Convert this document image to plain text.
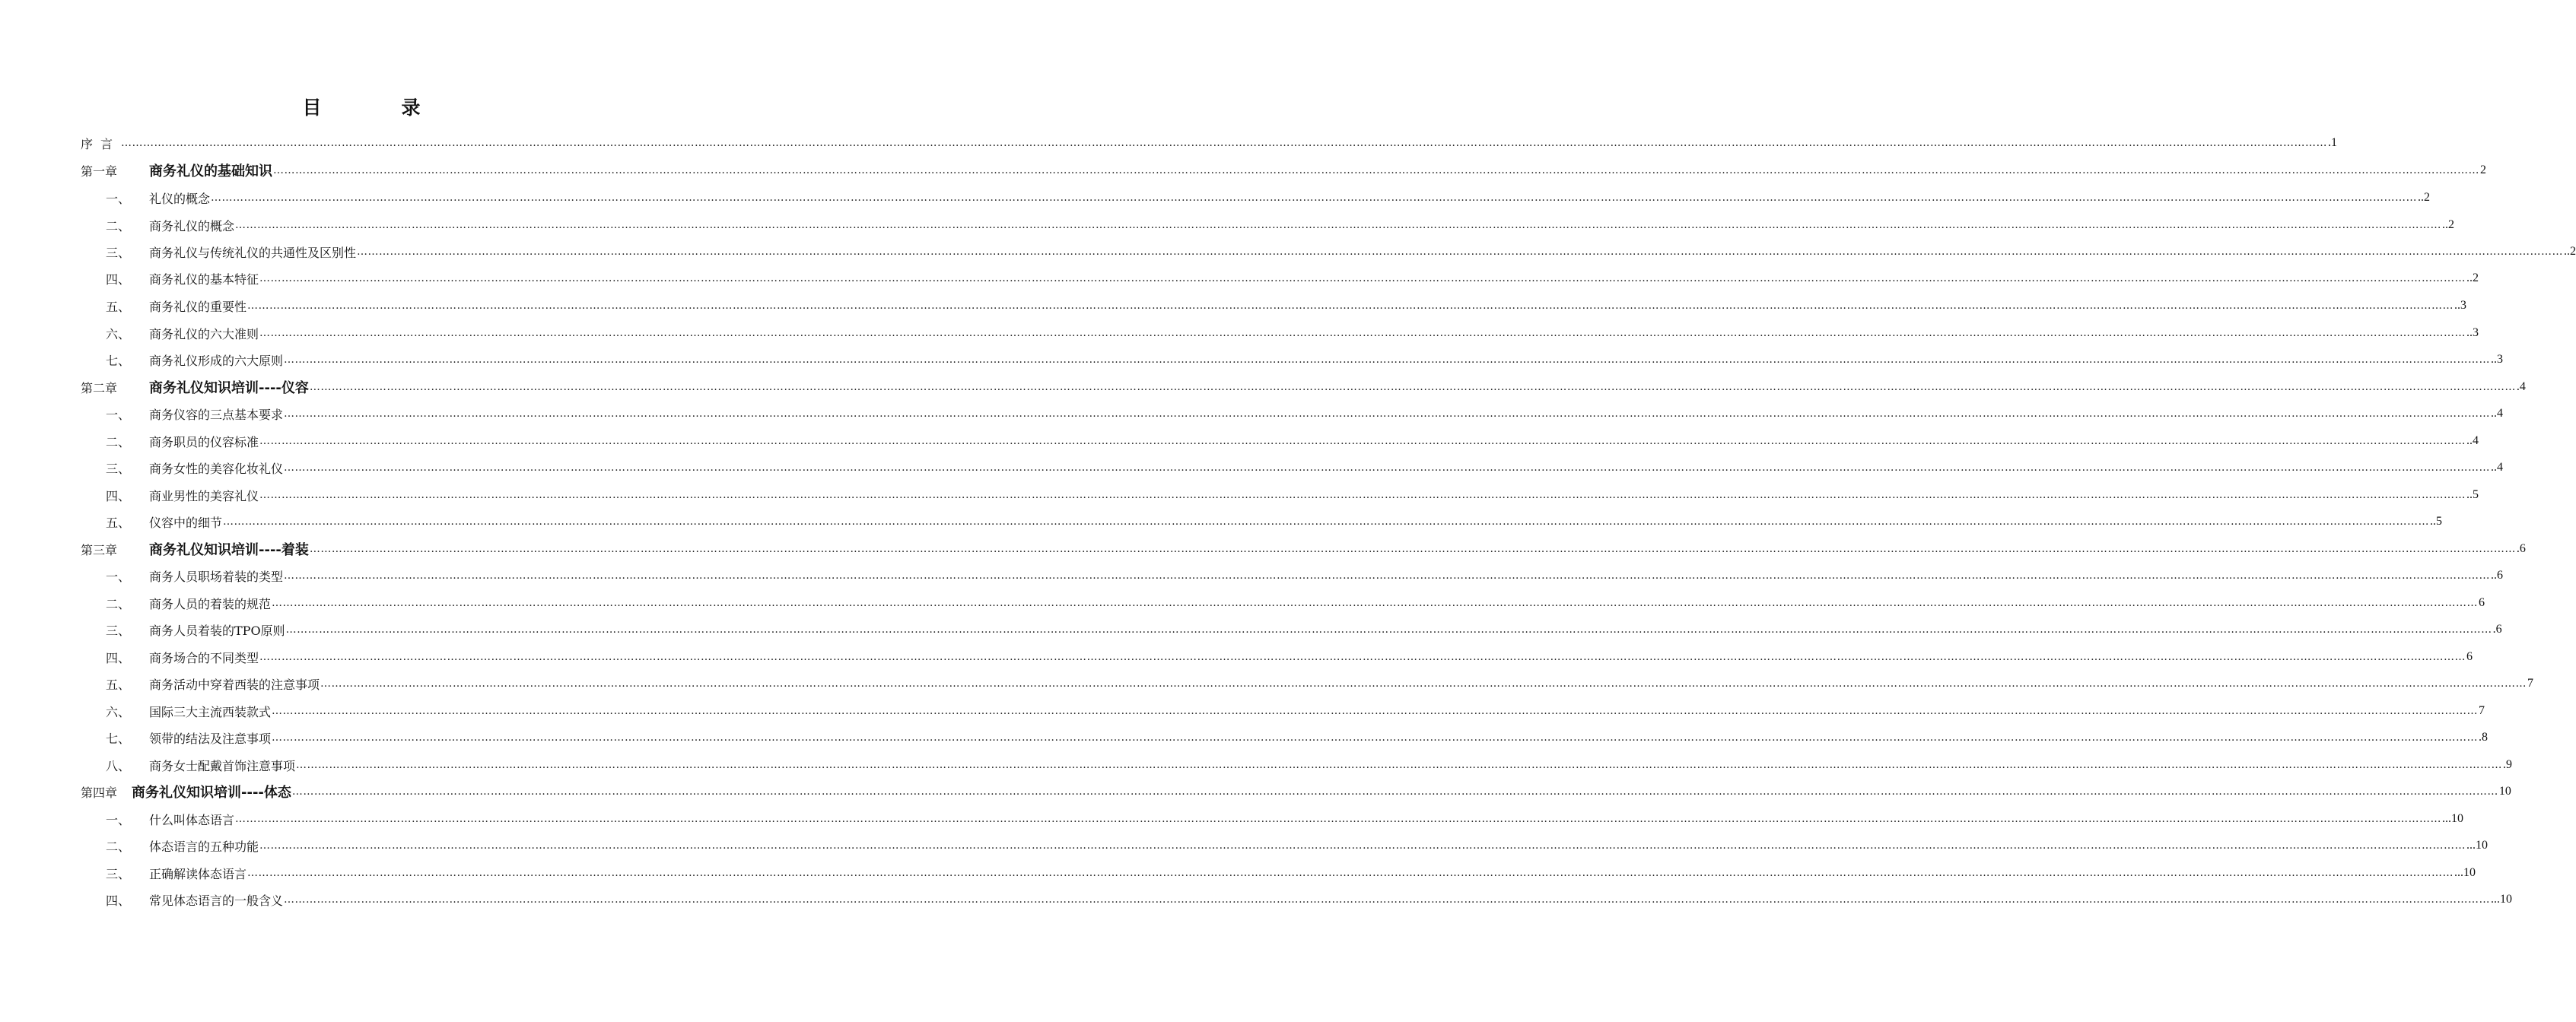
目　录
序言 …………………………………………………………………………………………………………………………………………………………………………………………………………………………………………………………………………………………………………………………………………………………………………………………………………………………………………………………………………………………………………………………………………………… .1
第一章	商务礼仪的基础知识 …………………………………………………………………………………………………………………………………………………………………………………………………………………………………………………………………………………………………………………………………………………………………………………………………………………………………………………………………………………………………………………………………………………… 2
一、	礼仪的概念 …………………………………………………………………………………………………………………………………………………………………………………………………………………………………………………………………………………………………………………………………………………………………………………………………………………………………………………………………………………………………………………………………………………… ..2
二、	商务礼仪的概念 …………………………………………………………………………………………………………………………………………………………………………………………………………………………………………………………………………………………………………………………………………………………………………………………………………………………………………………………………………………………………………………………………………………… ..2
三、	商务礼仪与传统礼仪的共通性及区别性 …………………………………………………………………………………………………………………………………………………………………………………………………………………………………………………………………………………………………………………………………………………………………………………………………………………………………………………………………………………………………………………………………………………… ..2
四、	商务礼仪的基本特征 …………………………………………………………………………………………………………………………………………………………………………………………………………………………………………………………………………………………………………………………………………………………………………………………………………………………………………………………………………………………………………………………………………………… ..2
五、	商务礼仪的重要性 …………………………………………………………………………………………………………………………………………………………………………………………………………………………………………………………………………………………………………………………………………………………………………………………………………………………………………………………………………………………………………………………………………………… ..3
六、	商务礼仪的六大准则 …………………………………………………………………………………………………………………………………………………………………………………………………………………………………………………………………………………………………………………………………………………………………………………………………………………………………………………………………………………………………………………………………………………… ..3
七、	商务礼仪形成的六大原则 …………………………………………………………………………………………………………………………………………………………………………………………………………………………………………………………………………………………………………………………………………………………………………………………………………………………………………………………………………………………………………………………………………………… ..3
第二章	商务礼仪知识培训----仪容 …………………………………………………………………………………………………………………………………………………………………………………………………………………………………………………………………………………………………………………………………………………………………………………………………………………………………………………………………………………………………………………………………………………… .4
一、	商务仪容的三点基本要求 …………………………………………………………………………………………………………………………………………………………………………………………………………………………………………………………………………………………………………………………………………………………………………………………………………………………………………………………………………………………………………………………………………………… ..4
二、	商务职员的仪容标准 …………………………………………………………………………………………………………………………………………………………………………………………………………………………………………………………………………………………………………………………………………………………………………………………………………………………………………………………………………………………………………………………………………………… ..4
三、	商务女性的美容化妆礼仪 …………………………………………………………………………………………………………………………………………………………………………………………………………………………………………………………………………………………………………………………………………………………………………………………………………………………………………………………………………………………………………………………………………………… ..4
四、	商业男性的美容礼仪 …………………………………………………………………………………………………………………………………………………………………………………………………………………………………………………………………………………………………………………………………………………………………………………………………………………………………………………………………………………………………………………………………………………… ..5
五、	仪容中的细节 …………………………………………………………………………………………………………………………………………………………………………………………………………………………………………………………………………………………………………………………………………………………………………………………………………………………………………………………………………………………………………………………………………………… ..5
第三章	商务礼仪知识培训----着装 …………………………………………………………………………………………………………………………………………………………………………………………………………………………………………………………………………………………………………………………………………………………………………………………………………………………………………………………………………………………………………………………………………………… .6
一、	商务人员职场着装的类型 …………………………………………………………………………………………………………………………………………………………………………………………………………………………………………………………………………………………………………………………………………………………………………………………………………………………………………………………………………………………………………………………………………………… ..6
二、	商务人员的着装的规范 …………………………………………………………………………………………………………………………………………………………………………………………………………………………………………………………………………………………………………………………………………………………………………………………………………………………………………………………………………………………………………………………………………………… 6
三、	商务人员着装的TPO原则 …………………………………………………………………………………………………………………………………………………………………………………………………………………………………………………………………………………………………………………………………………………………………………………………………………………………………………………………………………………………………………………………………………………… .6
四、	商务场合的不同类型 …………………………………………………………………………………………………………………………………………………………………………………………………………………………………………………………………………………………………………………………………………………………………………………………………………………………………………………………………………………………………………………………………………………… 6
五、	商务活动中穿着西装的注意事项 …………………………………………………………………………………………………………………………………………………………………………………………………………………………………………………………………………………………………………………………………………………………………………………………………………………………………………………………………………………………………………………………………………………… 7
六、	国际三大主流西装款式 …………………………………………………………………………………………………………………………………………………………………………………………………………………………………………………………………………………………………………………………………………………………………………………………………………………………………………………………………………………………………………………………………………………… 7
七、	领带的结法及注意事项 …………………………………………………………………………………………………………………………………………………………………………………………………………………………………………………………………………………………………………………………………………………………………………………………………………………………………………………………………………………………………………………………………………………… .8
八、	商务女士配戴首饰注意事项 …………………………………………………………………………………………………………………………………………………………………………………………………………………………………………………………………………………………………………………………………………………………………………………………………………………………………………………………………………………………………………………………………………………… .9
第四章	商务礼仪知识培训----体态 …………………………………………………………………………………………………………………………………………………………………………………………………………………………………………………………………………………………………………………………………………………………………………………………………………………………………………………………………………………………………………………………………………………… 10
一、	什么叫体态语言 …………………………………………………………………………………………………………………………………………………………………………………………………………………………………………………………………………………………………………………………………………………………………………………………………………………………………………………………………………………………………………………………………………………… ...10
二、	体态语言的五种功能 …………………………………………………………………………………………………………………………………………………………………………………………………………………………………………………………………………………………………………………………………………………………………………………………………………………………………………………………………………………………………………………………………………………… ...10
三、	正确解读体态语言 …………………………………………………………………………………………………………………………………………………………………………………………………………………………………………………………………………………………………………………………………………………………………………………………………………………………………………………………………………………………………………………………………………………… ...10
四、	常见体态语言的一般含义 …………………………………………………………………………………………………………………………………………………………………………………………………………………………………………………………………………………………………………………………………………………………………………………………………………………………………………………………………………………………………………………………………………………… ...10
